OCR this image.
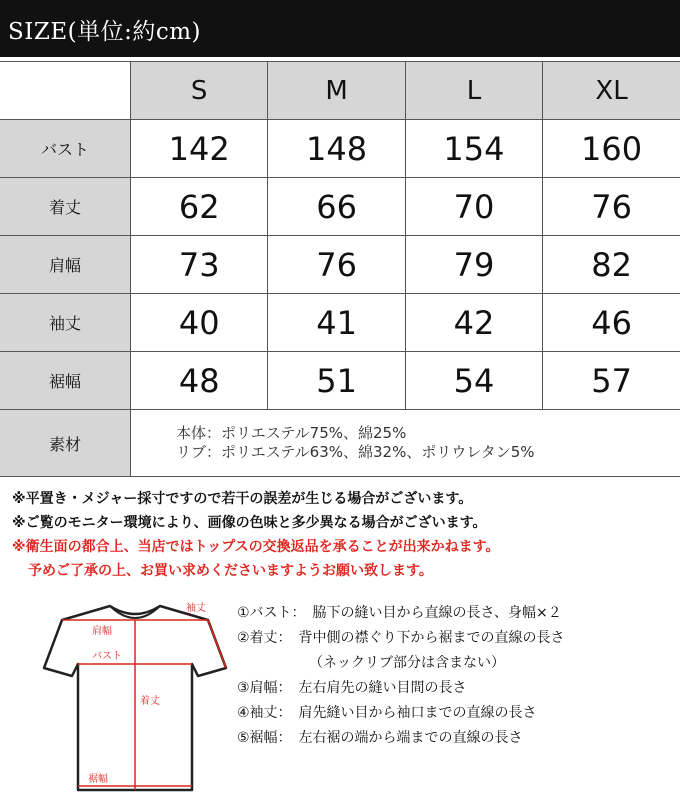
SIZE(単位:約cm)
	S	M	L	XL
バスト	142	148	154	160
着丈	62	66	70	76
肩幅	73	76	79	82
袖丈	40	41	42	46
裾幅	48	51	54	57
素材	本体：ポリエステル75%、綿25%
リブ：ポリエステル63%、綿32%、ポリウレタン5%			
※平置き・メジャー採寸ですので若干の誤差が生じる場合がございます。
※ご覧のモニター環境により、画像の色味と多少異なる場合がございます。
※衛生面の都合上、当店ではトップスの交換返品を承ることが出来かねます。
予めご了承の上、お買い求めくださいますようお願い致します。
袖丈
肩幅
バスト
着丈
裾幅
①バスト：　脇下の縫い目から直線の長さ、身幅×２
②着丈：　背中側の襟ぐり下から裾までの直線の長さ
（ネックリブ部分は含まない）
③肩幅：　左右肩先の縫い目間の長さ
④袖丈：　肩先縫い目から袖口までの直線の長さ
⑤裾幅：　左右裾の端から端までの直線の長さ
